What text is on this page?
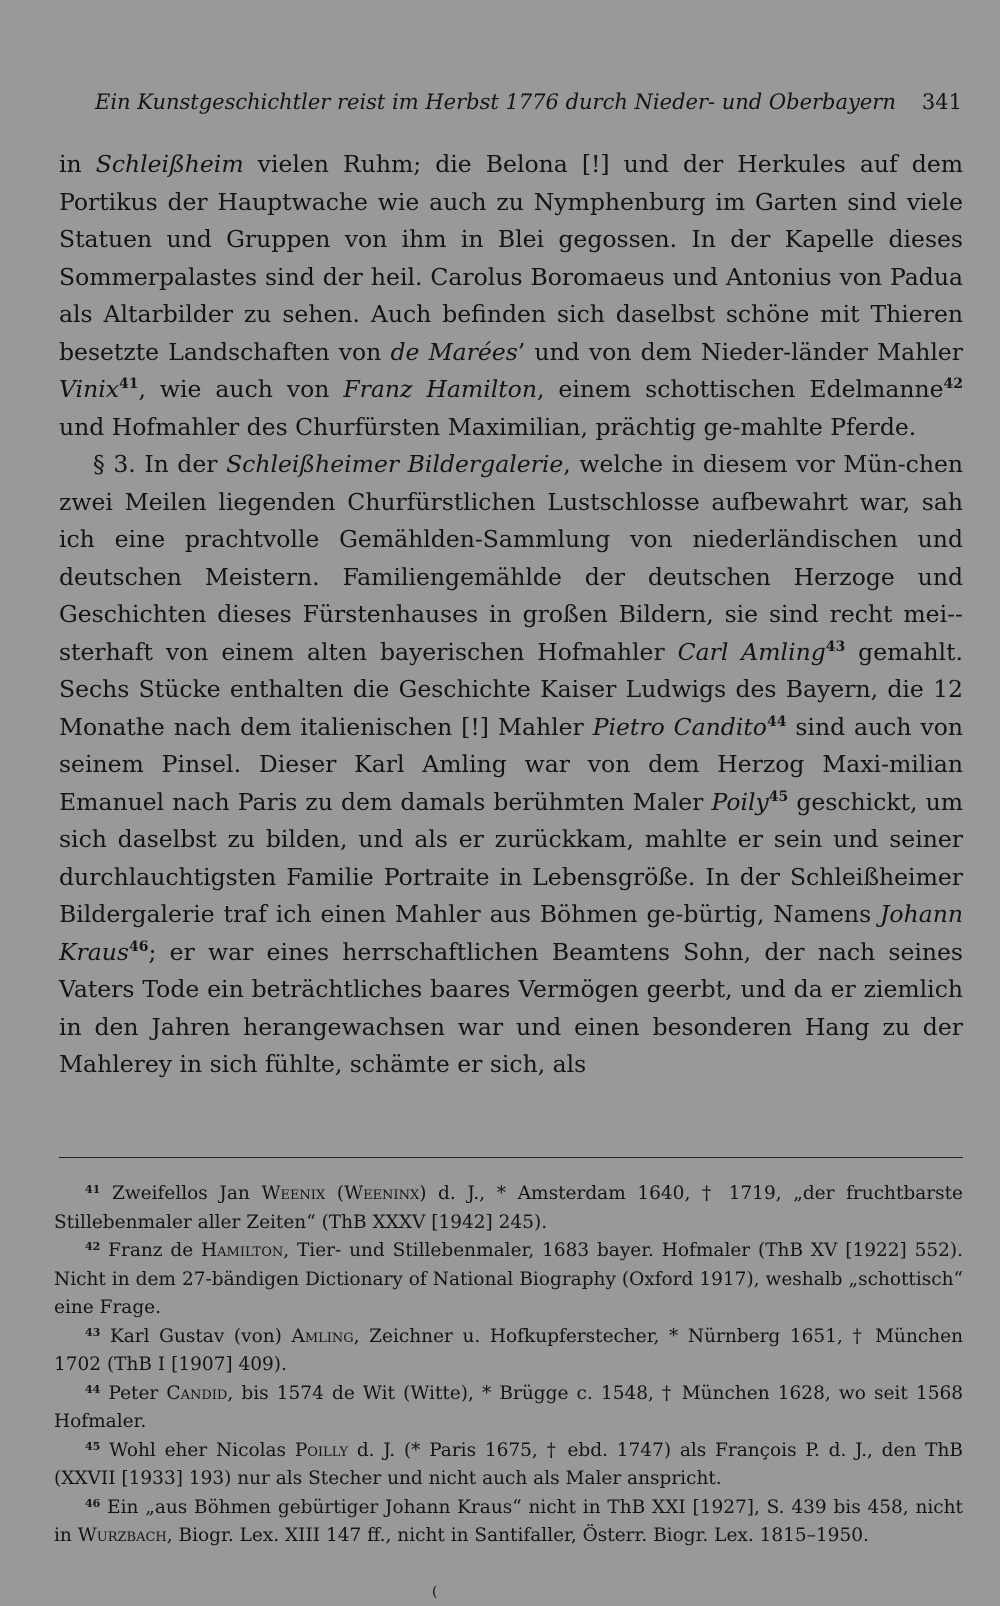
Ein Kunstgeschichtler reist im Herbst 1776 durch Nieder- und Oberbayern 341

in Schleißheim vielen Ruhm; die Belona [!] und der Herkules auf dem Portikus der Hauptwache wie auch zu Nymphenburg im Garten sind viele Statuen und Gruppen von ihm in Blei gegossen. In der Kapelle dieses Sommerpalastes sind der heil. Carolus Boromaeus und Antonius von Padua als Altarbilder zu sehen. Auch befinden sich daselbst schöne mit Thieren besetzte Landschaften von de Marées’ und von dem Nieder-länder Mahler Vinix$^{41}$, wie auch von Franz Hamilton, einem schottischen Edelmanne$^{42}$ und Hofmahler des Churfürsten Maximilian, prächtig ge-mahlte Pferde.

§ 3. In der Schleißheimer Bildergalerie, welche in diesem vor Mün-chen zwei Meilen liegenden Churfürstlichen Lustschlosse aufbewahrt war, sah ich eine prachtvolle Gemählden-Sammlung von niederländischen und deutschen Meistern. Familiengemählde der deutschen Herzoge und Geschichten dieses Fürstenhauses in großen Bildern, sie sind recht mei-sterhaft von einem alten bayerischen Hofmahler Carl Amling$^{43}$ gemahlt. Sechs Stücke enthalten die Geschichte Kaiser Ludwigs des Bayern, die 12 Monathe nach dem italienischen [!] Mahler Pietro Candito$^{44}$ sind auch von seinem Pinsel. Dieser Karl Amling war von dem Herzog Maxi-milian Emanuel nach Paris zu dem damals berühmten Maler Poily$^{45}$ geschickt, um sich daselbst zu bilden, und als er zurückkam, mahlte er sein und seiner durchlauchtigsten Familie Portraite in Lebensgröße. In der Schleißheimer Bildergalerie traf ich einen Mahler aus Böhmen ge-bürtig, Namens Johann Kraus$^{46}$; er war eines herrschaftlichen Beamtens Sohn, der nach seines Vaters Tode ein beträchtliches baares Vermögen geerbt, und da er ziemlich in den Jahren herangewachsen war und einen besonderen Hang zu der Mahlerey in sich fühlte, schämte er sich, als

$^{41}$ Zweifellos Jan Weenix (Weeninx) d. J., * Amsterdam 1640, † 1719, „der fruchtbarste Stillebenmaler aller Zeiten“ (ThB XXXV [1942] 245).

$^{42}$ Franz de Hamilton, Tier- und Stillebenmaler, 1683 bayer. Hofmaler (ThB XV [1922] 552). Nicht in dem 27-bändigen Dictionary of National Biography (Oxford 1917), weshalb „schottisch“ eine Frage.

$^{43}$ Karl Gustav (von) Amling, Zeichner u. Hofkupferstecher, * Nürnberg 1651, † München 1702 (ThB I [1907] 409).

$^{44}$ Peter Candid, bis 1574 de Wit (Witte), * Brügge c. 1548, † München 1628, wo seit 1568 Hofmaler.

$^{45}$ Wohl eher Nicolas Poilly d. J. (* Paris 1675, † ebd. 1747) als François P. d. J., den ThB (XXVII [1933] 193) nur als Stecher und nicht auch als Maler anspricht.

$^{46}$ Ein „aus Böhmen gebürtiger Johann Kraus“ nicht in ThB XXI [1927], S. 439 bis 458, nicht in Wurzbach, Biogr. Lex. XIII 147 ff., nicht in Santifaller, Österr. Biogr. Lex. 1815–1950.

(
